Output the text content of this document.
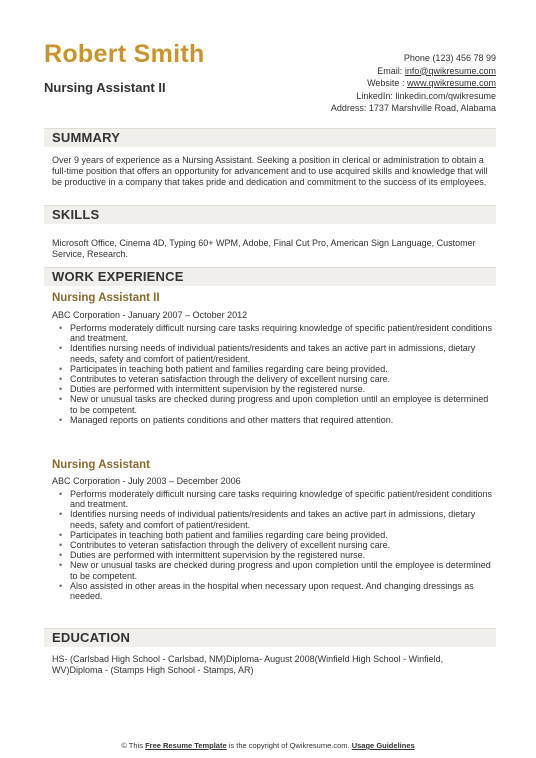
Robert Smith
Nursing Assistant II
Phone (123) 456 78 99
Email: info@qwikresume.com
Website : www.qwikresume.com
LinkedIn: linkedin.com/qwikresume
Address: 1737 Marshville Road, Alabama
SUMMARY
Over 9 years of experience as a Nursing Assistant. Seeking a position in clerical or administration to obtain a full-time position that offers an opportunity for advancement and to use acquired skills and knowledge that will be productive in a company that takes pride and dedication and commitment to the success of its employees.
SKILLS
Microsoft Office, Cinema 4D, Typing 60+ WPM, Adobe, Final Cut Pro, American Sign Language, Customer Service, Research.
WORK EXPERIENCE
Nursing Assistant II
ABC Corporation - January 2007 – October 2012
• Performs moderately difficult nursing care tasks requiring knowledge of specific patient/resident conditions and treatment.
• Identifies nursing needs of individual patients/residents and takes an active part in admissions, dietary needs, safety and comfort of patient/resident.
• Participates in teaching both patient and families regarding care being provided.
• Contributes to veteran satisfaction through the delivery of excellent nursing care.
• Duties are performed with intermittent supervision by the registered nurse.
• New or unusual tasks are checked during progress and upon completion until an employee is determined to be competent.
• Managed reports on patients conditions and other matters that required attention.
Nursing Assistant
ABC Corporation - July 2003 – December 2006
• Performs moderately difficult nursing care tasks requiring knowledge of specific patient/resident conditions and treatment.
• Identifies nursing needs of individual patients/residents and takes an active part in admissions, dietary needs, safety and comfort of patient/resident.
• Participates in teaching both patient and families regarding care being provided.
• Contributes to veteran satisfaction through the delivery of excellent nursing care.
• Duties are performed with intermittent supervision by the registered nurse.
• New or unusual tasks are checked during progress and upon completion until the employee is determined to be competent.
• Also assisted in other areas in the hospital when necessary upon request. And changing dressings as needed.
EDUCATION
HS- (Carlsbad High School - Carlsbad, NM)Diploma- August 2008(Winfield High School - Winfield, WV)Diploma - (Stamps High School - Stamps, AR)
© This Free Resume Template is the copyright of Qwikresume.com. Usage Guidelines
